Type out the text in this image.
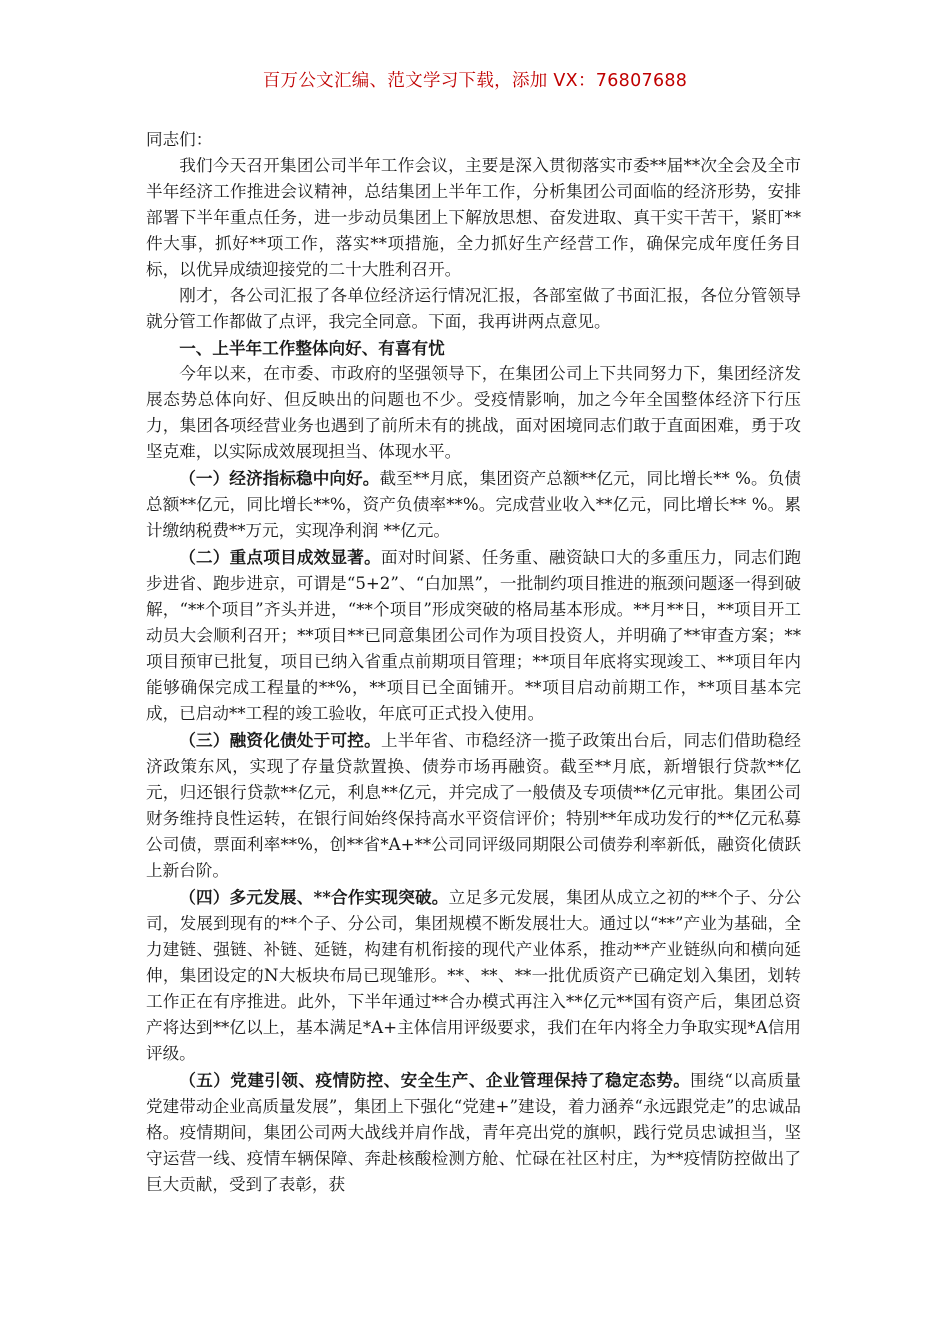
百万公文汇编、范文学习下载，添加 VX：76807688

同志们：

我们今天召开集团公司半年工作会议，主要是深入贯彻落实市委**届**次全会及全市半年经济工作推进会议精神，总结集团上半年工作，分析集团公司面临的经济形势，安排部署下半年重点任务，进一步动员集团上下解放思想、奋发进取、真干实干苦干，紧盯**件大事，抓好**项工作，落实**项措施，全力抓好生产经营工作，确保完成年度任务目标，以优异成绩迎接党的二十大胜利召开。

刚才，各公司汇报了各单位经济运行情况汇报，各部室做了书面汇报，各位分管领导就分管工作都做了点评，我完全同意。下面，我再讲两点意见。

一、上半年工作整体向好、有喜有忧

今年以来，在市委、市政府的坚强领导下，在集团公司上下共同努力下，集团经济发展态势总体向好、但反映出的问题也不少。受疫情影响，加之今年全国整体经济下行压力，集团各项经营业务也遇到了前所未有的挑战，面对困境同志们敢于直面困难，勇于攻坚克难，以实际成效展现担当、体现水平。

（一）经济指标稳中向好。截至**月底，集团资产总额**亿元，同比增长** %。负债总额**亿元，同比增长**%，资产负债率**%。完成营业收入**亿元，同比增长** %。累计缴纳税费**万元，实现净利润 **亿元。

（二）重点项目成效显著。面对时间紧、任务重、融资缺口大的多重压力，同志们跑步进省、跑步进京，可谓是“5+2”、“白加黑”，一批制约项目推进的瓶颈问题逐一得到破解，“**个项目”齐头并进，“**个项目”形成突破的格局基本形成。**月**日，**项目开工动员大会顺利召开；**项目**已同意集团公司作为项目投资人，并明确了**审查方案；**项目预审已批复，项目已纳入省重点前期项目管理；**项目年底将实现竣工、**项目年内能够确保完成工程量的**%，**项目已全面铺开。**项目启动前期工作，**项目基本完成，已启动**工程的竣工验收，年底可正式投入使用。

（三）融资化债处于可控。上半年省、市稳经济一揽子政策出台后，同志们借助稳经济政策东风，实现了存量贷款置换、债券市场再融资。截至**月底，新增银行贷款**亿元，归还银行贷款**亿元，利息**亿元，并完成了一般债及专项债**亿元审批。集团公司财务维持良性运转，在银行间始终保持高水平资信评价；特别**年成功发行的**亿元私募公司债，票面利率**%，创**省*A+**公司同评级同期限公司债券利率新低，融资化债跃上新台阶。

（四）多元发展、**合作实现突破。立足多元发展，集团从成立之初的**个子、分公司，发展到现有的**个子、分公司，集团规模不断发展壮大。通过以“**”产业为基础，全力建链、强链、补链、延链，构建有机衔接的现代产业体系，推动**产业链纵向和横向延伸，集团设定的N大板块布局已现雏形。**、**、**一批优质资产已确定划入集团，划转工作正在有序推进。此外，下半年通过**合办模式再注入**亿元**国有资产后，集团总资产将达到**亿以上，基本满足*A+主体信用评级要求，我们在年内将全力争取实现*A信用评级。

（五）党建引领、疫情防控、安全生产、企业管理保持了稳定态势。围绕“以高质量党建带动企业高质量发展”，集团上下强化“党建+”建设，着力涵养“永远跟党走”的忠诚品格。疫情期间，集团公司两大战线并肩作战，青年亮出党的旗帜，践行党员忠诚担当，坚守运营一线、疫情车辆保障、奔赴核酸检测方舱、忙碌在社区村庄，为**疫情防控做出了巨大贡献，受到了表彰，获
